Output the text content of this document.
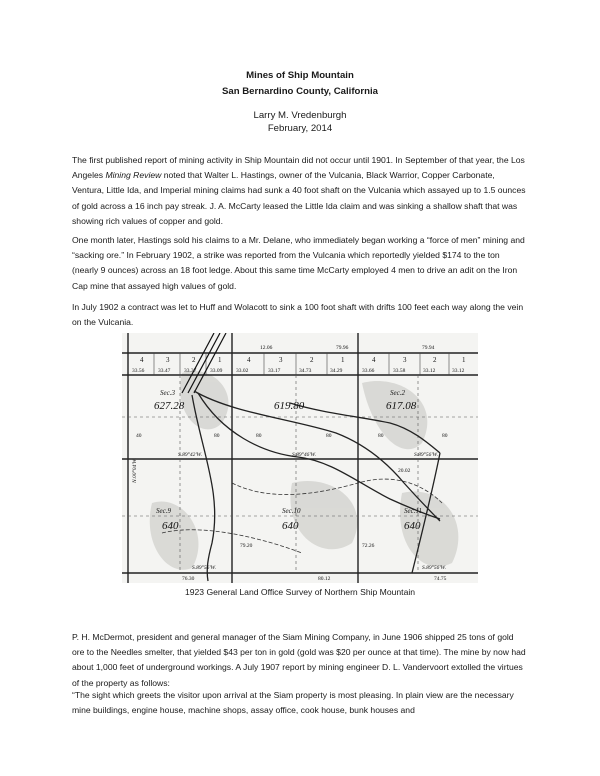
Mines of Ship Mountain
San Bernardino County, California
Larry M. Vredenburgh
February, 2014

The first published report of mining activity in Ship Mountain did not occur until 1901. In September of that year, the Los Angeles Mining Review noted that Walter L. Hastings, owner of the Vulcania, Black Warrior, Copper Carbonate, Ventura, Little Ida, and Imperial mining claims had sunk a 40 foot shaft on the Vulcania which assayed up to 1.5 ounces of gold across a 16 inch pay streak. J. A. McCarty leased the Little Ida claim and was sinking a shallow shaft that was showing rich values of copper and gold.

One month later, Hastings sold his claims to a Mr. Delane, who immediately began working a “force of men” mining and “sacking ore.” In February 1902, a strike was reported from the Vulcania which reportedly yielded $174 to the ton (nearly 9 ounces) across an 18 foot ledge. About this same time McCarty employed 4 men to drive an adit on the Iron Cap mine that assayed high values of gold.

In July 1902 a contract was let to Huff and Wolacott to sink a 100 foot shaft with drifts 100 feet each way along the vein on the Vulcania.

4	3	2	1	4	3	2	1	4	3	2	1
33.56 33.47 33.37 33.09 33.02	33.17	34.73	34.29	33.66	33.58	33.12	33.12
Sec.3	Sec.2
Sec.9	Sec.10	Sec.11
627.28	619.80	617.08
640	640	640
S.89°42'W.	S.89°56'W.
S.89°46'W.
S.89°56'W.	S.89°56'W.
40	80	80	80	80	80
20.02
12.06	79.96	79.94
80.12
76.30	74.75
79.20	72.26
N.00°04'W.
1923 General Land Office Survey of Northern Ship Mountain

P. H. McDermot, president and general manager of the Siam Mining Company, in June 1906 shipped 25 tons of gold ore to the Needles smelter, that yielded $43 per ton in gold (gold was $20 per ounce at that time). The mine by now had about 1,000 feet of underground workings. A July 1907 report by mining engineer D. L. Vandervoort extolled the virtues of the property as follows:

“The sight which greets the visitor upon arrival at the Siam property is most pleasing. In plain view are the necessary mine buildings, engine house, machine shops, assay office, cook house, bunk houses and
